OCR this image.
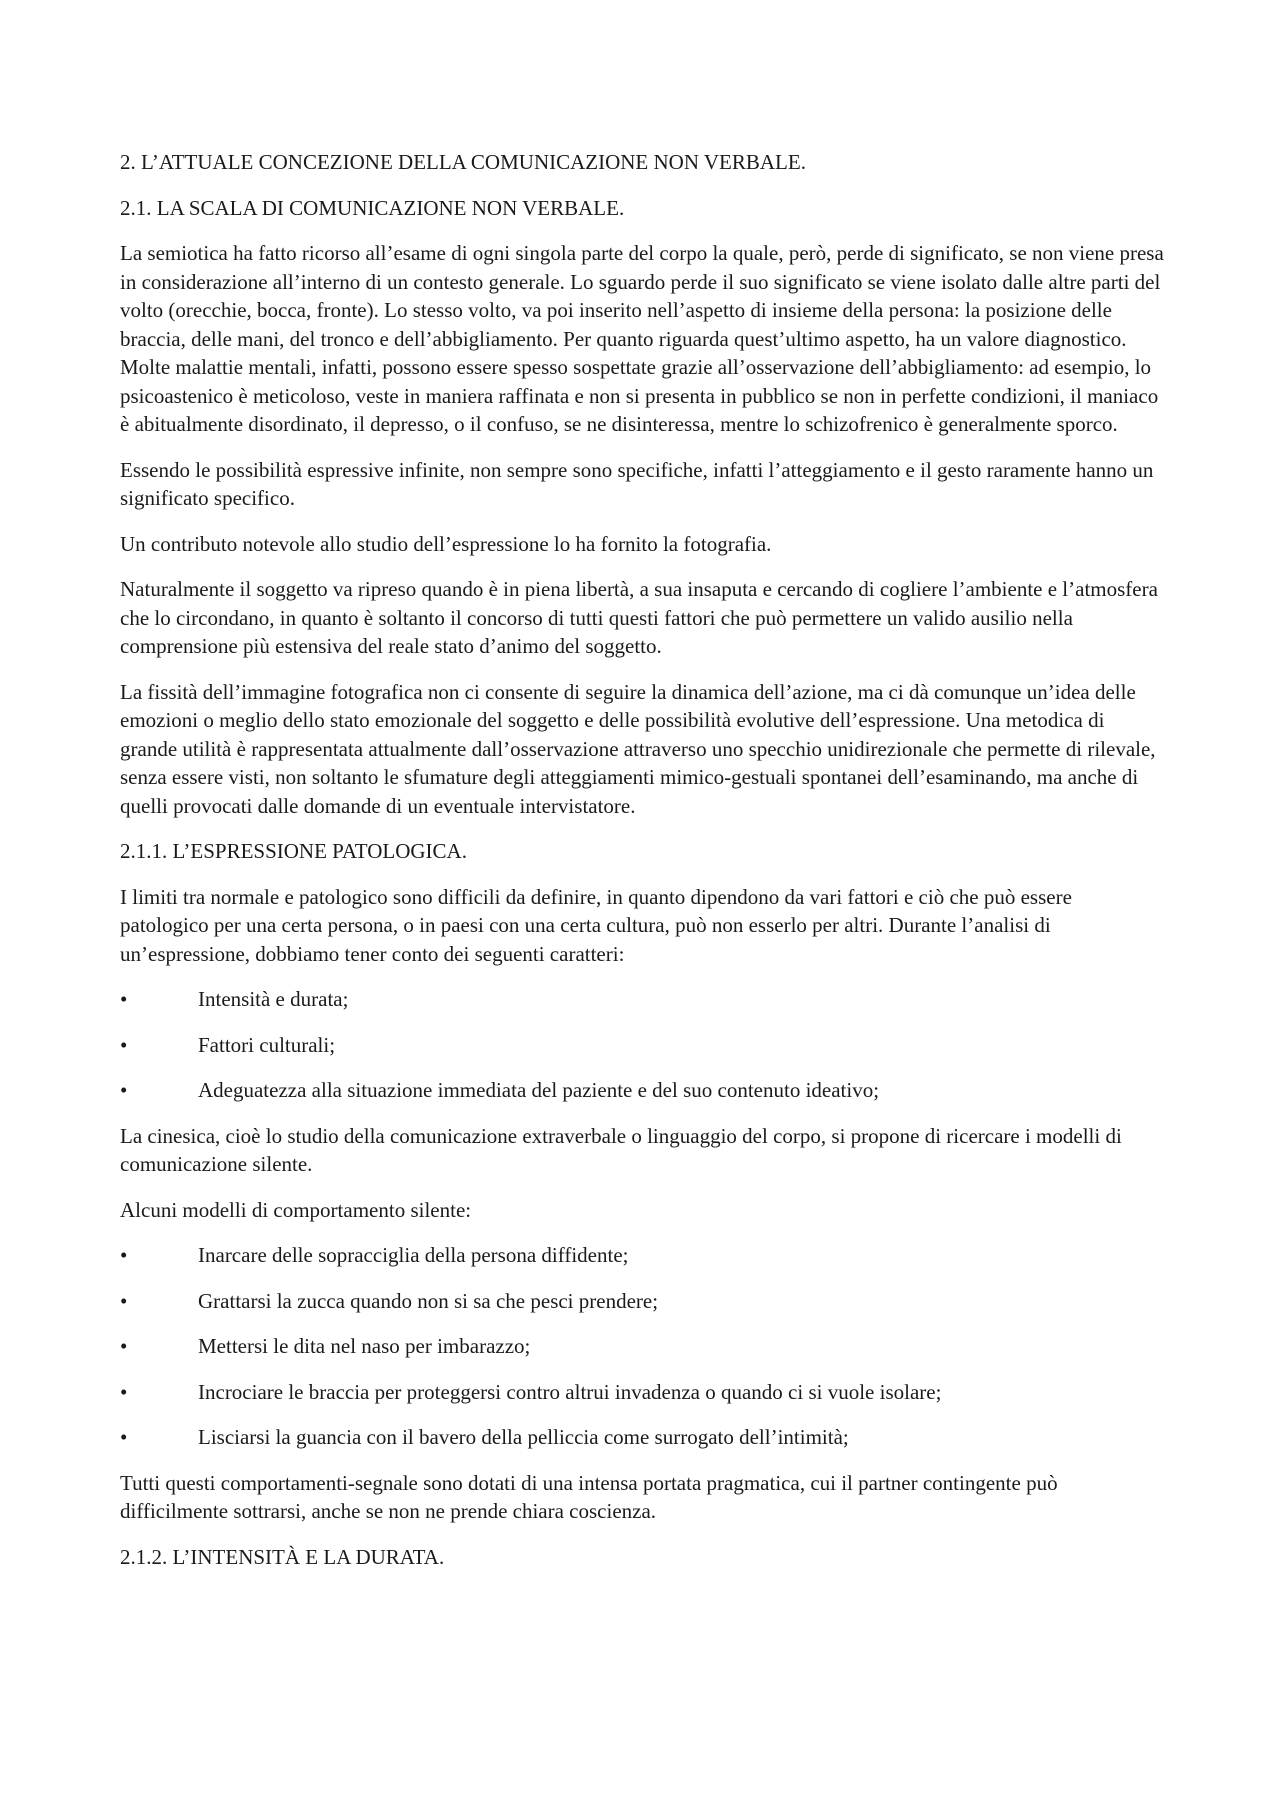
2. L’ATTUALE CONCEZIONE DELLA COMUNICAZIONE NON VERBALE.

2.1. LA SCALA DI COMUNICAZIONE NON VERBALE.

La semiotica ha fatto ricorso all’esame di ogni singola parte del corpo la quale, però, perde di significato, se non viene presa in considerazione all’interno di un contesto generale. Lo sguardo perde il suo significato se viene isolato dalle altre parti del volto (orecchie, bocca, fronte). Lo stesso volto, va poi inserito nell’aspetto di insieme della persona: la posizione delle braccia, delle mani, del tronco e dell’abbigliamento. Per quanto riguarda quest’ultimo aspetto, ha un valore diagnostico. Molte malattie mentali, infatti, possono essere spesso sospettate grazie all’osservazione dell’abbigliamento: ad esempio, lo psicoastenico è meticoloso, veste in maniera raffinata e non si presenta in pubblico se non in perfette condizioni, il maniaco è abitualmente disordinato, il depresso, o il confuso, se ne disinteressa, mentre lo schizofrenico è generalmente sporco.

Essendo le possibilità espressive infinite, non sempre sono specifiche, infatti l’atteggiamento e il gesto raramente hanno un significato specifico.

Un contributo notevole allo studio dell’espressione lo ha fornito la fotografia.

Naturalmente il soggetto va ripreso quando è in piena libertà, a sua insaputa e cercando di cogliere l’ambiente e l’atmosfera che lo circondano, in quanto è soltanto il concorso di tutti questi fattori che può permettere un valido ausilio nella comprensione più estensiva del reale stato d’animo del soggetto.

La fissità dell’immagine fotografica non ci consente di seguire la dinamica dell’azione, ma ci dà comunque un’idea delle emozioni o meglio dello stato emozionale del soggetto e delle possibilità evolutive dell’espressione. Una metodica di grande utilità è rappresentata attualmente dall’osservazione attraverso uno specchio unidirezionale che permette di rilevale, senza essere visti, non soltanto le sfumature degli atteggiamenti mimico-gestuali spontanei dell’esaminando, ma anche di quelli provocati dalle domande di un eventuale intervistatore.

2.1.1. L’ESPRESSIONE PATOLOGICA.

I limiti tra normale e patologico sono difficili da definire, in quanto dipendono da vari fattori e ciò che può essere patologico per una certa persona, o in paesi con una certa cultura, può non esserlo per altri. Durante l’analisi di un’espressione, dobbiamo tener conto dei seguenti caratteri:

•	Intensità e durata;
•	Fattori culturali;
•	Adeguatezza alla situazione immediata del paziente e del suo contenuto ideativo;

La cinesica, cioè lo studio della comunicazione extraverbale o linguaggio del corpo, si propone di ricercare i modelli di comunicazione silente.

Alcuni modelli di comportamento silente:

•	Inarcare delle sopracciglia della persona diffidente;
•	Grattarsi la zucca quando non si sa che pesci prendere;
•	Mettersi le dita nel naso per imbarazzo;
•	Incrociare le braccia per proteggersi contro altrui invadenza o quando ci si vuole isolare;
•	Lisciarsi la guancia con il bavero della pelliccia come surrogato dell’intimità;

Tutti questi comportamenti-segnale sono dotati di una intensa portata pragmatica, cui il partner contingente può difficilmente sottrarsi, anche se non ne prende chiara coscienza.

2.1.2. L’INTENSITÀ E LA DURATA.
